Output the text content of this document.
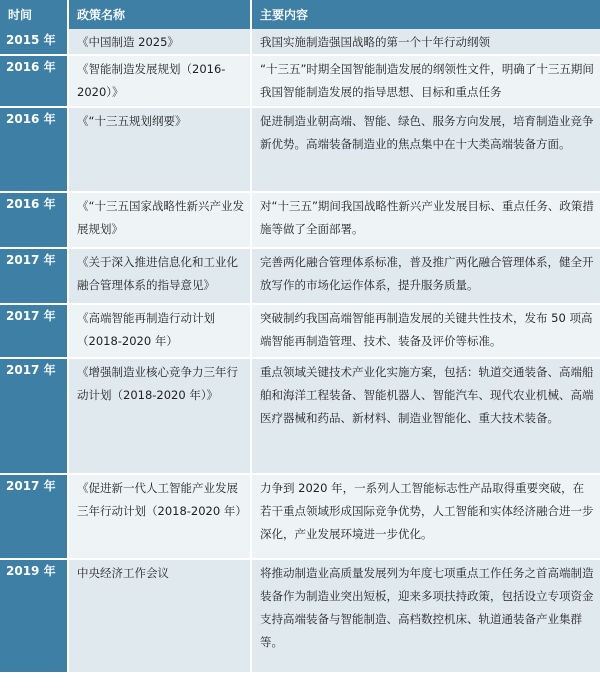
时间	政策名称	主要内容
2015 年	《中国制造 2025》	我国实施制造强国战略的第一个十年行动纲领

2016 年	《智能制造发展规划（2016-2020）》	“十三五”时期全国智能制造发展的纲领性文件，明确了十三五期间我国智能制造发展的指导思想、目标和重点任务

2016 年	《“十三五规划纲要》	促进制造业朝高端、智能、绿色、服务方向发展，培育制造业竞争新优势。高端装备制造业的焦点集中在十大类高端装备方面。

2016 年	《“十三五国家战略性新兴产业发展规划》	对“十三五”期间我国战略性新兴产业发展目标、重点任务、政策措施等做了全面部署。

2017 年	《关于深入推进信息化和工业化融合管理体系的指导意见》	完善两化融合管理体系标准，普及推广两化融合管理体系，健全开放写作的市场化运作体系，提升服务质量。

2017 年	《高端智能再制造行动计划（2018-2020 年）	突破制约我国高端智能再制造发展的关键共性技术，发布 50 项高端智能再制造管理、技术、装备及评价等标准。

2017 年	《增强制造业核心竞争力三年行动计划（2018-2020 年）》	重点领域关键技术产业化实施方案，包括：轨道交通装备、高端船舶和海洋工程装备、智能机器人、智能汽车、现代农业机械、高端医疗器械和药品、新材料、制造业智能化、重大技术装备。

2017 年	《促进新一代人工智能产业发展三年行动计划（2018-2020 年）	力争到 2020 年，一系列人工智能标志性产品取得重要突破，在若干重点领域形成国际竞争优势，人工智能和实体经济融合进一步深化，产业发展环境进一步优化。

2019 年	中央经济工作会议	将推动制造业高质量发展列为年度七项重点工作任务之首高端制造装备作为制造业突出短板，迎来多项扶持政策，包括设立专项资金支持高端装备与智能制造、高档数控机床、轨道通装备产业集群等。
